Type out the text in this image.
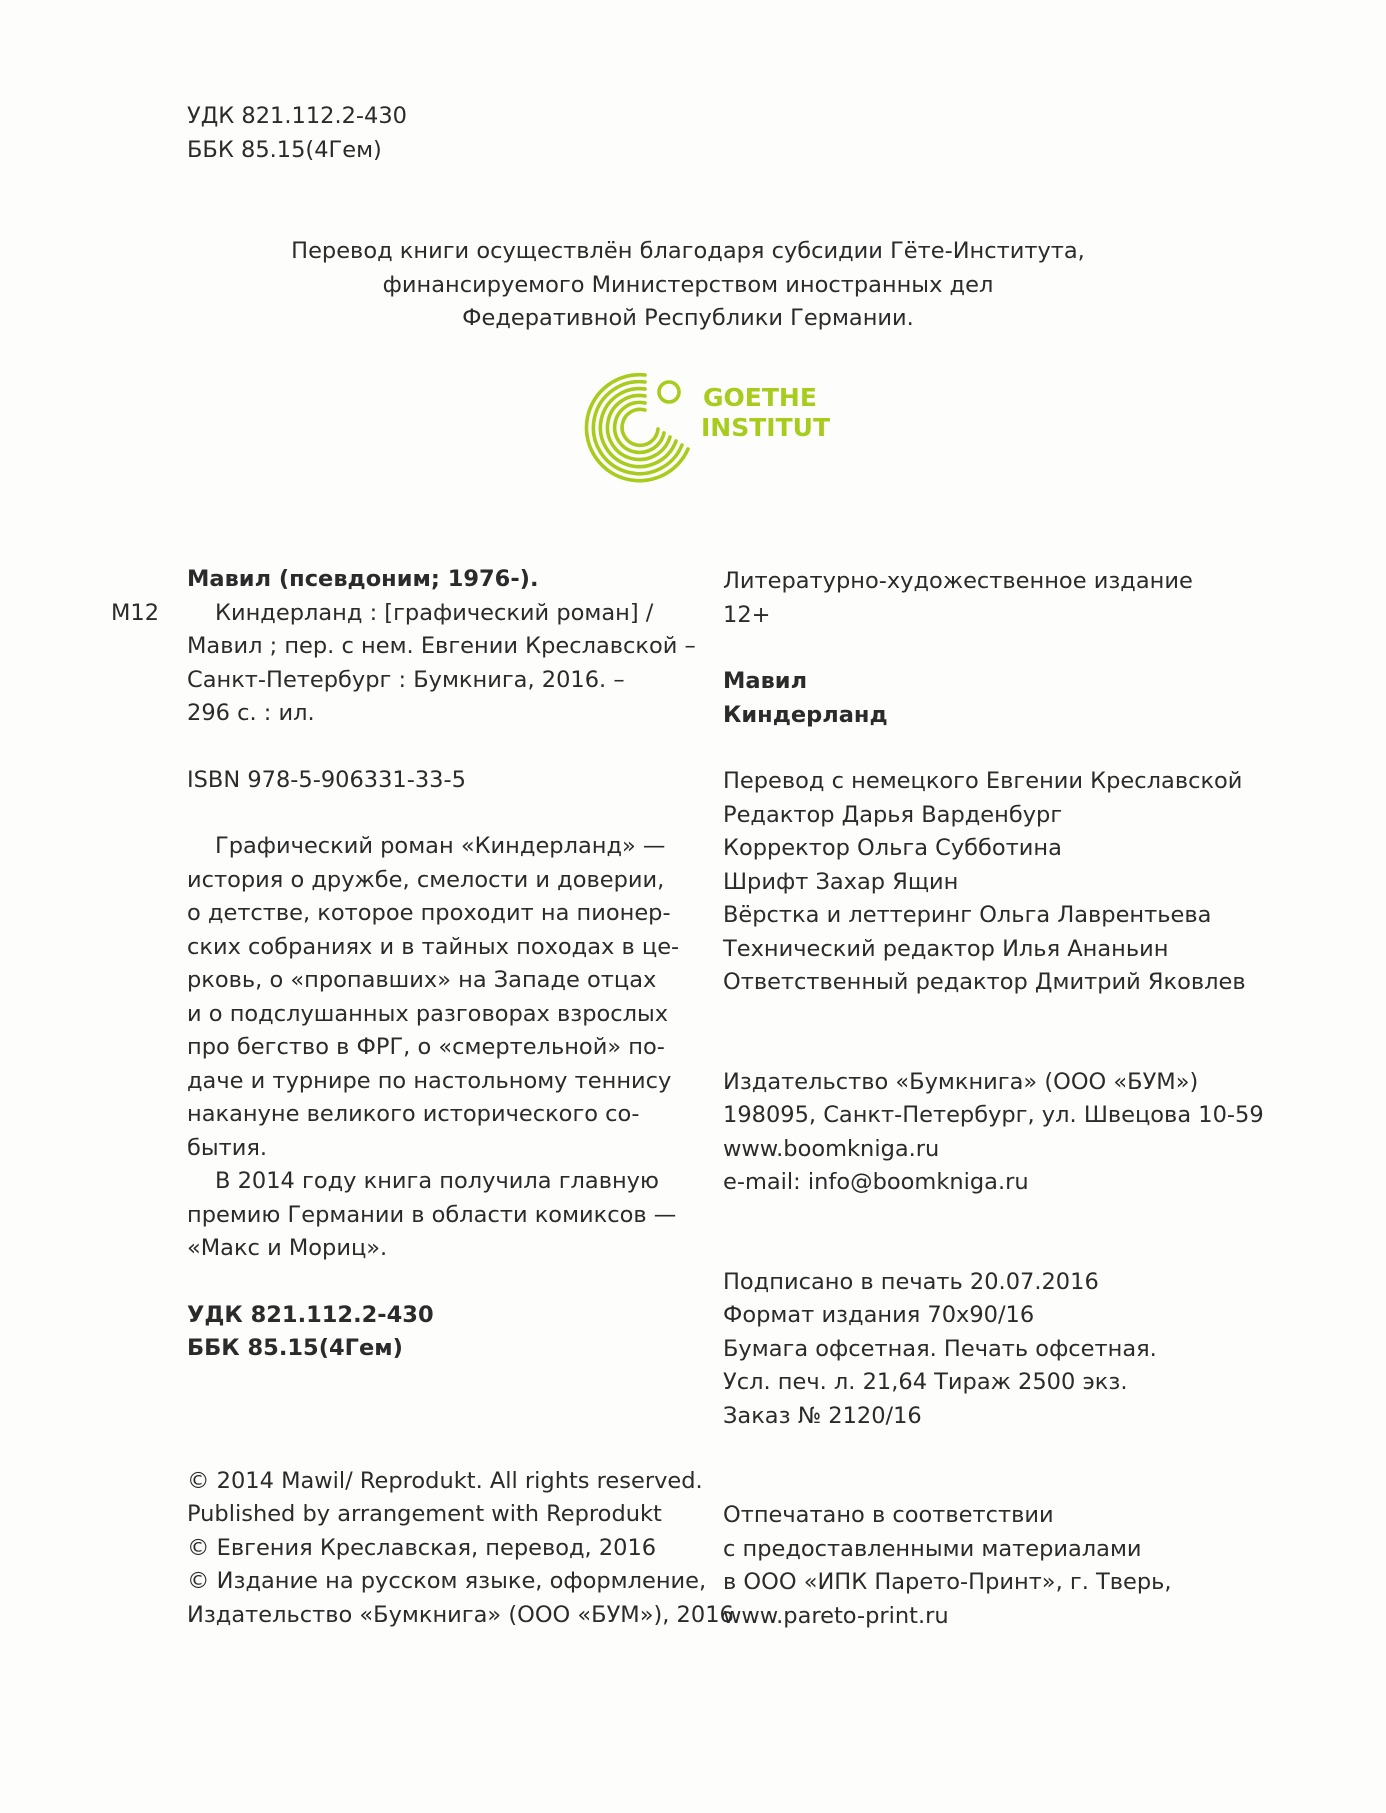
УДК 821.112.2-430
ББК 85.15(4Гем)
Перевод книги осуществлён благодаря субсидии Гёте-Института,
финансируемого Министерством иностранных дел
Федеративной Республики Германии.
GOETHE
INSTITUT
М12
Мавил (псевдоним; 1976-).
Киндерланд : [графический роман] /
Мавил ; пер. с нем. Евгении Креславской –
Санкт-Петербург : Бумкнига, 2016. –
296 с. : ил.
ISBN 978-5-906331-33-5
Графический роман «Киндерланд» —
история о дружбе, смелости и доверии,
о детстве, которое проходит на пионер-
ских собраниях и в тайных походах в це-
рковь, о «пропавших» на Западе отцах
и о подслушанных разговорах взрослых
про бегство в ФРГ, о «смертельной» по-
даче и турнире по настольному теннису
накануне великого исторического со-
бытия.
В 2014 году книга получила главную
премию Германии в области комиксов —
«Макс и Мориц».
УДК 821.112.2-430
ББК 85.15(4Гем)
© 2014 Mawil/ Reprodukt. All rights reserved.
Published by arrangement with Reprodukt
© Евгения Креславская, перевод, 2016
© Издание на русском языке, оформление,
Издательство «Бумкнига» (ООО «БУМ»), 2016
Литературно-художественное издание
12+
Мавил
Киндерланд
Перевод с немецкого Евгении Креславской
Редактор Дарья Варденбург
Корректор Ольга Субботина
Шрифт Захар Ящин
Вёрстка и леттеринг Ольга Лаврентьева
Технический редактор Илья Ананьин
Ответственный редактор Дмитрий Яковлев
Издательство «Бумкнига» (ООО «БУМ»)
198095, Санкт-Петербург, ул. Швецова 10-59
www.boomkniga.ru
e-mail: info@boomkniga.ru
Подписано в печать 20.07.2016
Формат издания 70x90/16
Бумага офсетная. Печать офсетная.
Усл. печ. л. 21,64 Тираж 2500 экз.
Заказ № 2120/16
Отпечатано в соответствии
с предоставленными материалами
в ООО «ИПК Парето-Принт», г. Тверь,
www.pareto-print.ru
